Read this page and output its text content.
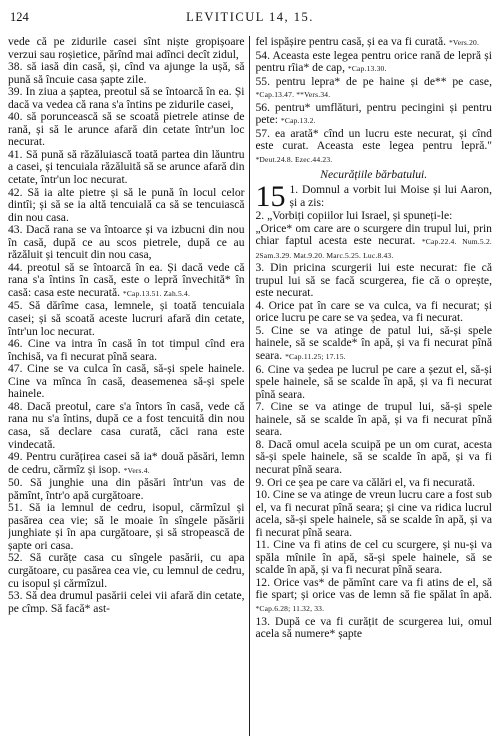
124	LEVITICUL 14, 15.

vede că pe zidurile casei sînt niște gropișoare verzui sau roșietice, părînd mai adînci decît zidul,

38. să iasă din casă, și, cînd va ajunge la ușă, să pună să încuie casa șapte zile.

39. In ziua a șaptea, preotul să se întoarcă în ea. Și dacă va vedea că rana s'a întins pe zidurile casei,

40. să poruncească să se scoată pietrele atinse de rană, și să le arunce afară din cetate într'un loc necurat.

41. Să pună să răzăluiască toată partea din lăuntru a casei, și tencuiala răzăluită să se arunce afară din cetate, într'un loc necurat.

42. Să ia alte pietre și să le pună în locul celor dintîi; și să se ia altă tencuială ca să se tencuiască din nou casa.

43. Dacă rana se va întoarce și va izbucni din nou în casă, după ce au scos pietrele, după ce au răzăluit și tencuit din nou casa,

44. preotul să se întoarcă în ea. Și dacă vede că rana s'a întins în casă, este o lepră învechită* în casă: casa este necurată. *Cap.13.51. Zah.5.4.

45. Să dărîme casa, lemnele, și toată tencuiala casei; și să scoată aceste lucruri afară din cetate, într'un loc necurat.

46. Cine va intra în casă în tot timpul cînd era închisă, va fi necurat pînă seara.

47. Cine se va culca în casă, să-și spele hainele. Cine va mînca în casă, deasemenea să-și spele hainele.

48. Dacă preotul, care s'a întors în casă, vede că rana nu s'a întins, după ce a fost tencuită din nou casa, să declare casa curată, căci rana este vindecată.

49. Pentru curățirea casei să ia* două păsări, lemn de cedru, cărmîz și isop. *Vers.4.

50. Să junghie una din păsări într'un vas de pămînt, într'o apă curgătoare.

51. Să ia lemnul de cedru, isopul, cărmîzul și pasărea cea vie; să le moaie în sîngele păsării junghiate și în apa curgătoare, și să stropească de șapte ori casa.

52. Să curățe casa cu sîngele pasării, cu apa curgătoare, cu pasărea cea vie, cu lemnul de cedru, cu isopul și cărmîzul.

53. Să dea drumul pasării celei vii afară din cetate, pe cîmp. Să facă* ast-

fel ispășire pentru casă, și ea va fi curată. *Vers.20.

54. Aceasta este legea pentru orice rană de lepră și pentru rîia* de cap, *Cap.13.30.

55. pentru lepra* de pe haine și de** pe case, *Cap.13.47. **Vers.34.

56. pentru* umflături, pentru pecingini și pentru pete: *Cap.13.2.

57. ea arată* cînd un lucru este necurat, și cînd este curat. Aceasta este legea pentru lepră." *Deut.24.8. Ezec.44.23.

Necurățiile bărbatului.
15 1. Domnul a vorbit lui Moise și lui Aaron, și a zis:

2. „Vorbiți copiilor lui Israel, și spuneți-le:

„Orice* om care are o scurgere din trupul lui, prin chiar faptul acesta este necurat. *Cap.22.4. Num.5.2. 2Sam.3.29. Mat.9.20. Marc.5.25. Luc.8.43.

3. Din pricina scurgerii lui este necurat: fie că trupul lui să se facă scurgerea, fie că o oprește, este necurat.

4. Orice pat în care se va culca, va fi necurat; și orice lucru pe care se va ședea, va fi necurat.

5. Cine se va atinge de patul lui, să-și spele hainele, să se scalde* în apă, și va fi necurat pînă seara. *Cap.11.25; 17.15.

6. Cine va ședea pe lucrul pe care a șezut el, să-și spele hainele, să se scalde în apă, și va fi necurat pînă seara.

7. Cine se va atinge de trupul lui, să-și spele hainele, să se scalde în apă, și va fi necurat pînă seara.

8. Dacă omul acela scuipă pe un om curat, acesta să-și spele hainele, să se scalde în apă, și va fi necurat pînă seara.

9. Ori ce șea pe care va călări el, va fi necurată.

10. Cine se va atinge de vreun lucru care a fost sub el, va fi necurat pînă seara; și cine va ridica lucrul acela, să-și spele hainele, să se scalde în apă, și va fi necurat pînă seara.

11. Cine va fi atins de cel cu scurgere, și nu-și va spăla mînile în apă, să-și spele hainele, să se scalde în apă, și va fi necurat pînă seara.

12. Orice vas* de pămînt care va fi atins de el, să fie spart; și orice vas de lemn să fie spălat în apă. *Cap.6.28; 11.32, 33.

13. După ce va fi curățit de scurgerea lui, omul acela să numere* șapte
